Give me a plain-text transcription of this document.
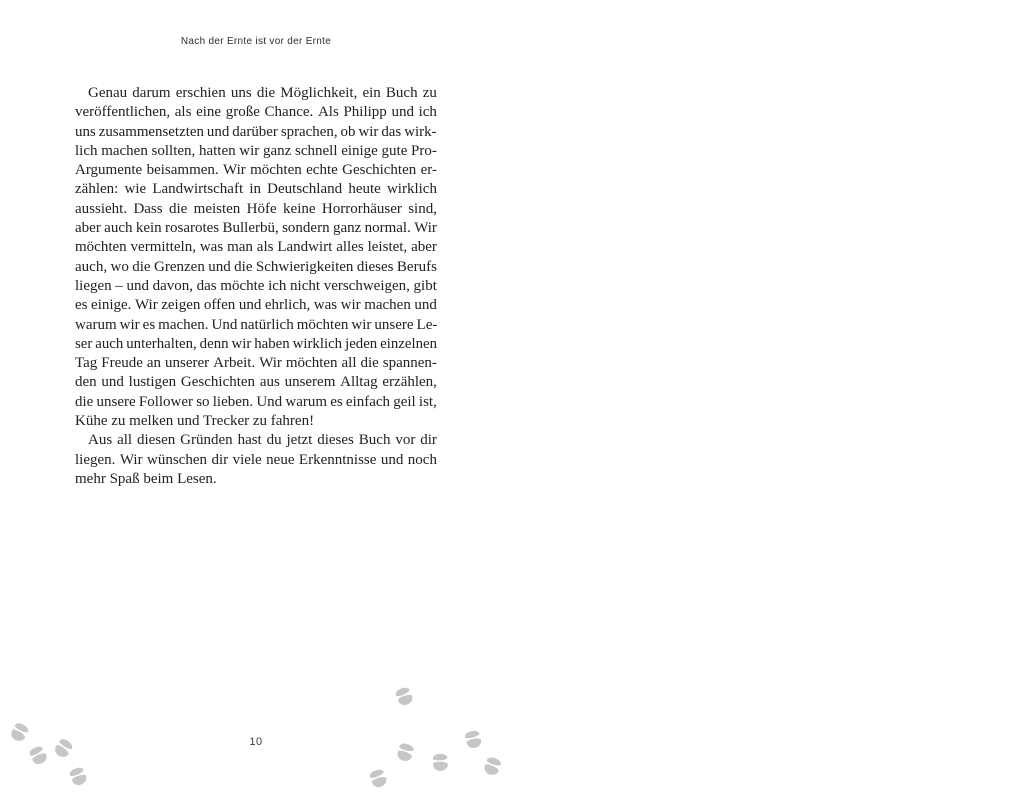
Nach der Ernte ist vor der Ernte
Genau darum erschien uns die Möglichkeit, ein Buch zu
veröffentlichen, als eine große Chance. Als Philipp und ich
uns zusammensetzten und darüber sprachen, ob wir das wirk-
lich machen sollten, hatten wir ganz schnell einige gute Pro-
Argumente beisammen. Wir möchten echte Geschichten er-
zählen: wie Landwirtschaft in Deutschland heute wirklich
aussieht. Dass die meisten Höfe keine Horrorhäuser sind,
aber auch kein rosarotes Bullerbü, sondern ganz normal. Wir
möchten vermitteln, was man als Landwirt alles leistet, aber
auch, wo die Grenzen und die Schwierigkeiten dieses Berufs
liegen – und davon, das möchte ich nicht verschweigen, gibt
es einige. Wir zeigen offen und ehrlich, was wir machen und
warum wir es machen. Und natürlich möchten wir unsere Le-
ser auch unterhalten, denn wir haben wirklich jeden einzelnen
Tag Freude an unserer Arbeit. Wir möchten all die spannen-
den und lustigen Geschichten aus unserem Alltag erzählen,
die unsere Follower so lieben. Und warum es einfach geil ist,
Kühe zu melken und Trecker zu fahren!
Aus all diesen Gründen hast du jetzt dieses Buch vor dir
liegen. Wir wünschen dir viele neue Erkenntnisse und noch
mehr Spaß beim Lesen.
10
